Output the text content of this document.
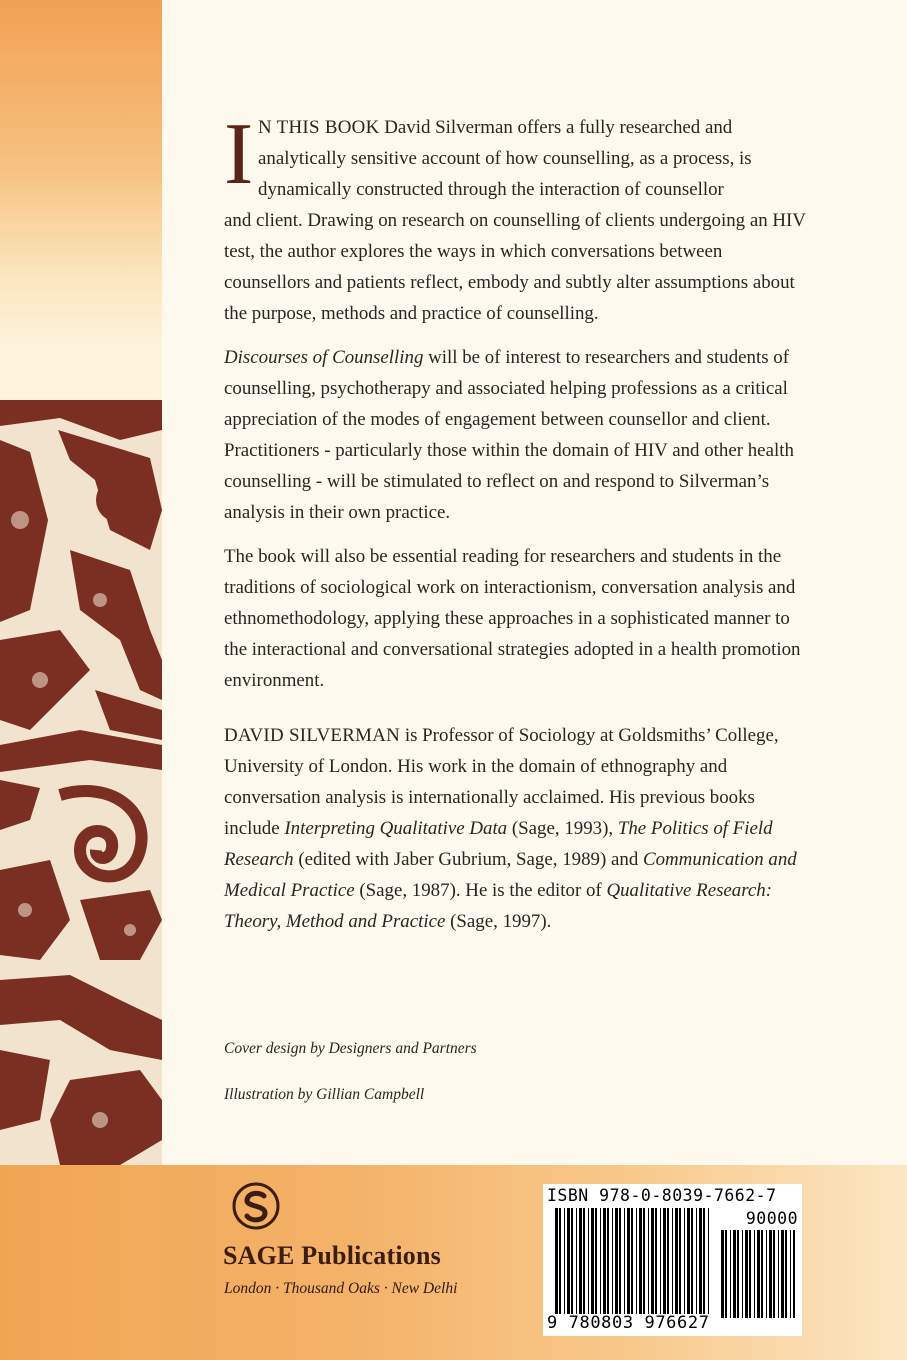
I N THIS BOOK David Silverman offers a fully researched and
analytically sensitive account of how counselling, as a process, is
dynamically constructed through the interaction of counsellor
and client. Drawing on research on counselling of clients undergoing an HIV test, the author explores the ways in which conversations between counsellors and patients reflect, embody and subtly alter assumptions about the purpose, methods and practice of counselling.

Discourses of Counselling will be of interest to researchers and students of counselling, psychotherapy and associated helping professions as a critical appreciation of the modes of engagement between counsellor and client. Practitioners - particularly those within the domain of HIV and other health counselling - will be stimulated to reflect on and respond to Silverman’s analysis in their own practice.

The book will also be essential reading for researchers and students in the traditions of sociological work on interactionism, conversation analysis and ethnomethodology, applying these approaches in a sophisticated manner to the interactional and conversational strategies adopted in a health promotion environment.

DAVID SILVERMAN is Professor of Sociology at Goldsmiths’ College, University of London. His work in the domain of ethnography and conversation analysis is internationally acclaimed. His previous books include Interpreting Qualitative Data (Sage, 1993), The Politics of Field Research (edited with Jaber Gubrium, Sage, 1989) and Communication and Medical Practice (Sage, 1987). He is the editor of Qualitative Research: Theory, Method and Practice (Sage, 1997).

Cover design by Designers and Partners
Illustration by Gillian Campbell
SAGE Publications
London · Thousand Oaks · New Delhi
ISBN 978-0-8039-7662-7
90000
9 780803 976627
